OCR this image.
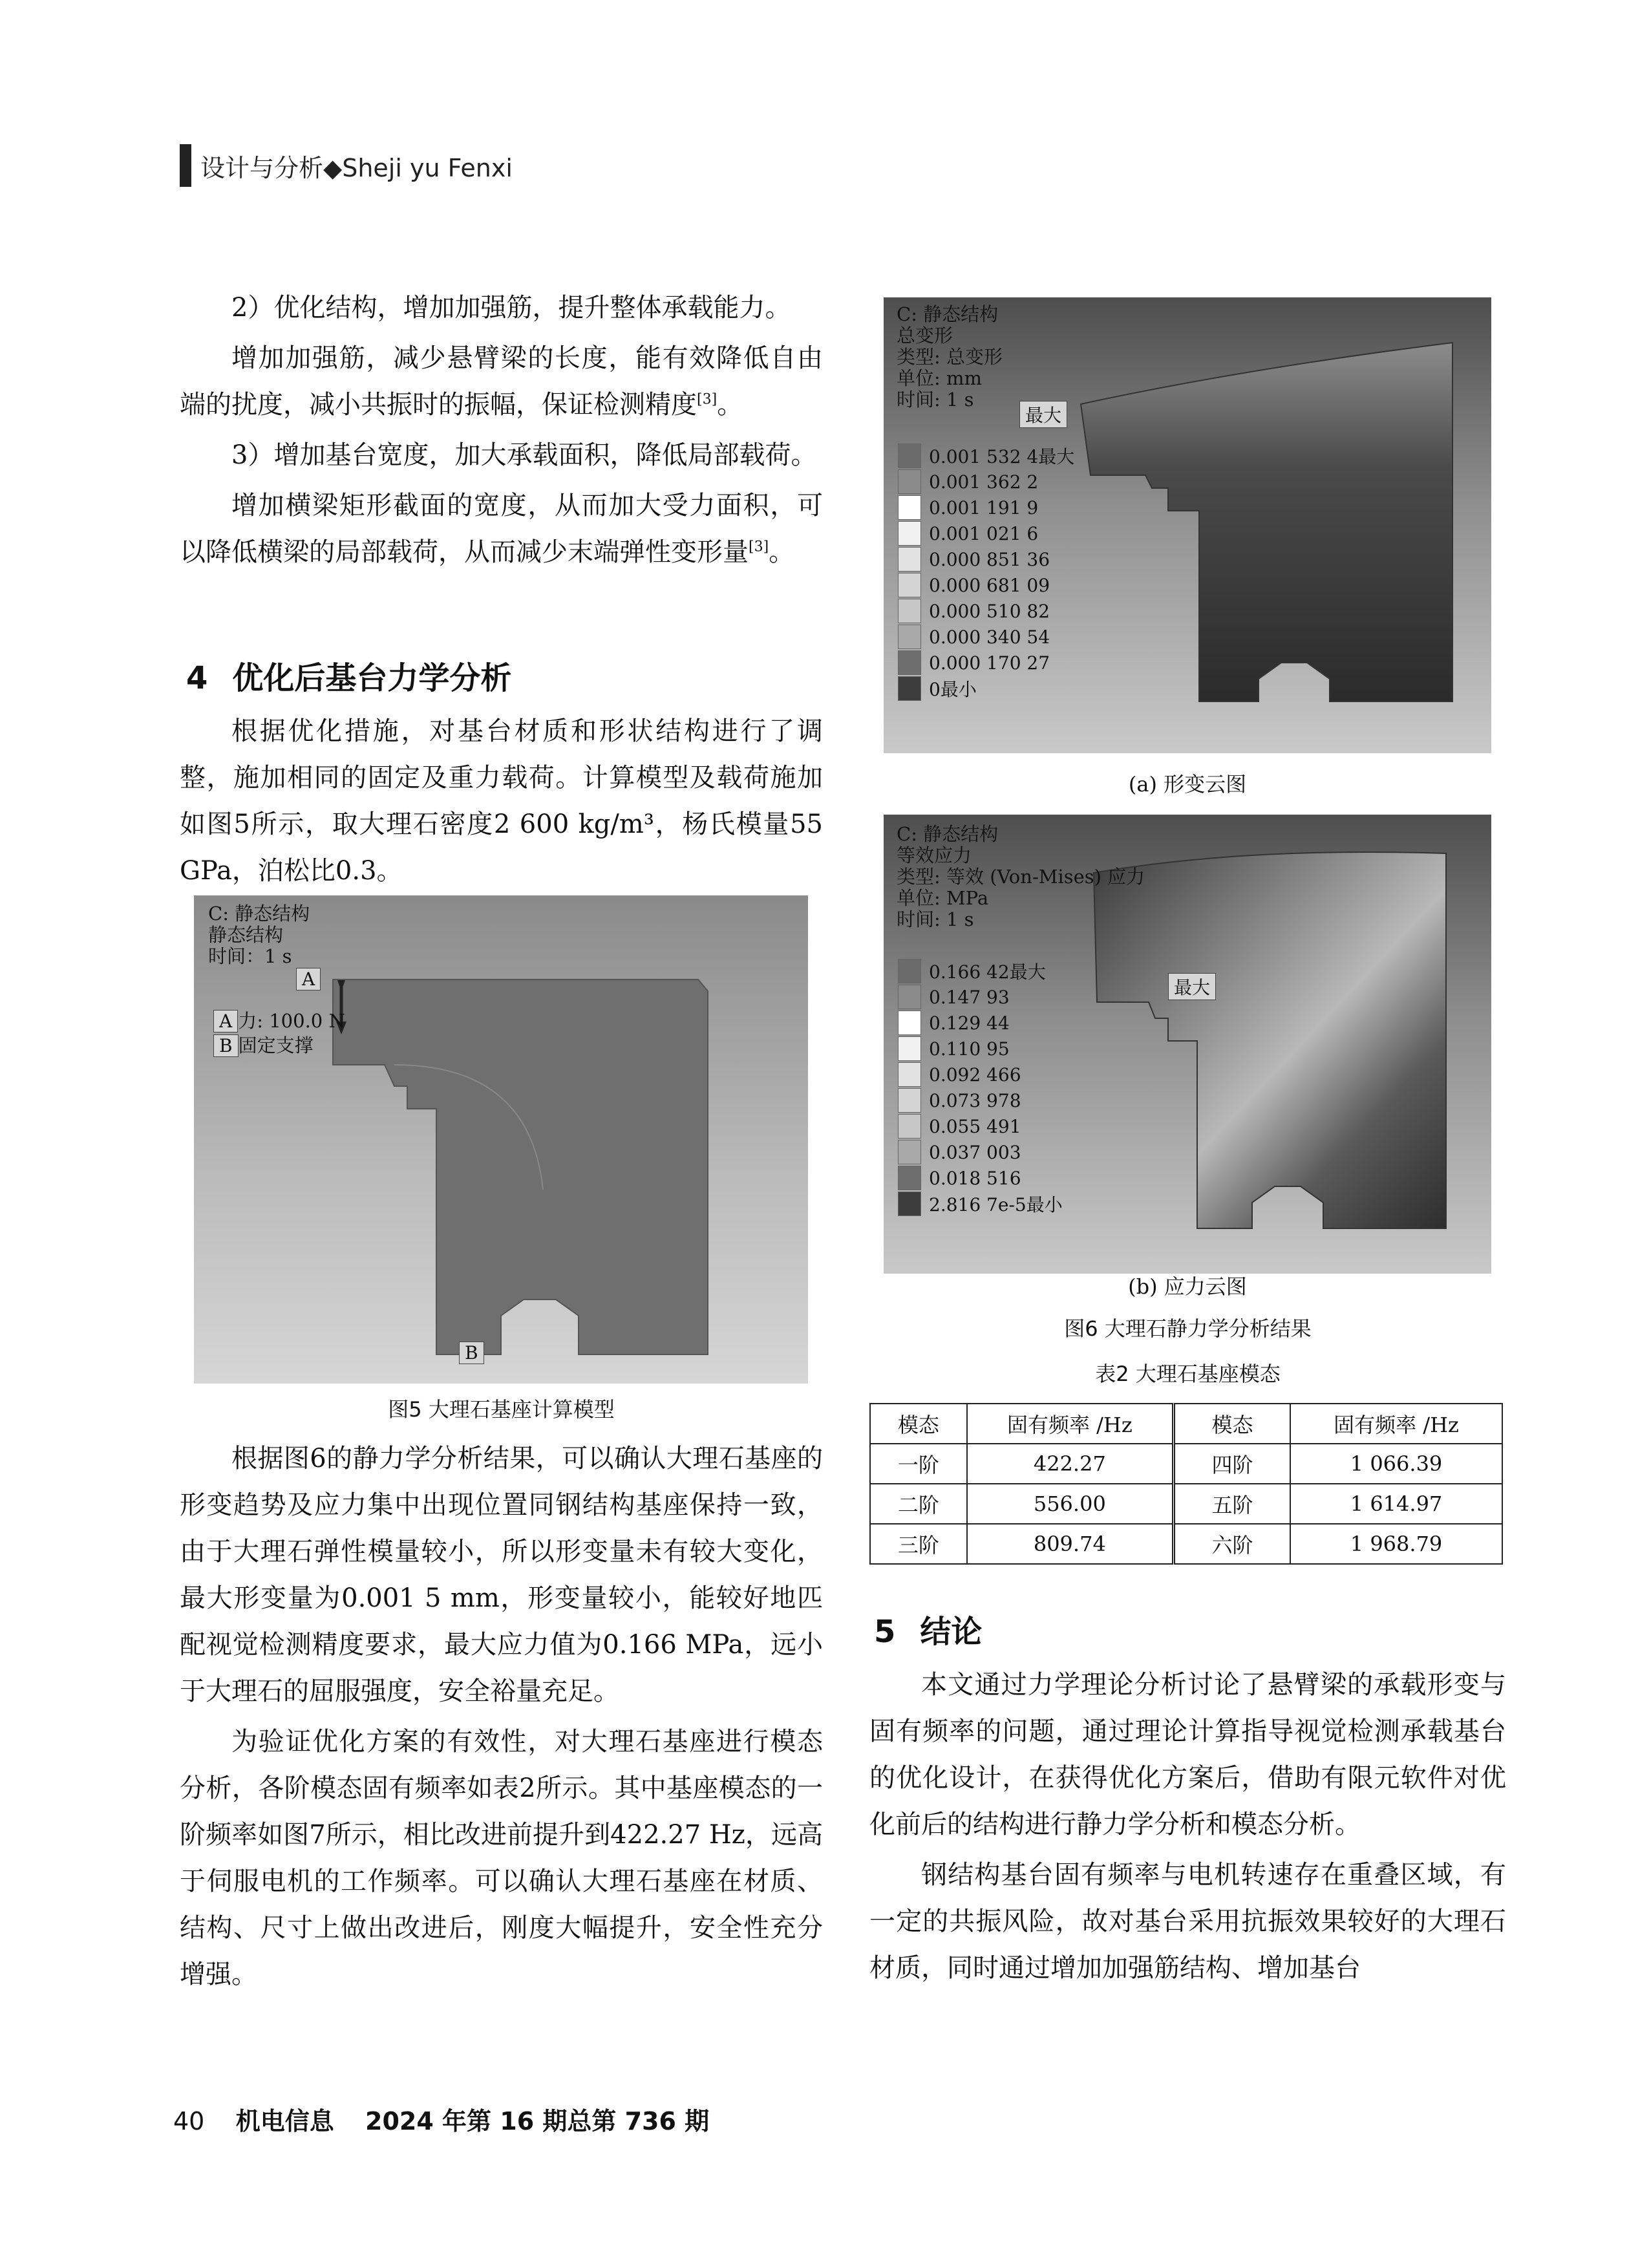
设计与分析◆Sheji yu Fenxi

2）优化结构，增加加强筋，提升整体承载能力。

增加加强筋，减少悬臂梁的长度，能有效降低自由端的扰度，减小共振时的振幅，保证检测精度[3]。

3）增加基台宽度，加大承载面积，降低局部载荷。

增加横梁矩形截面的宽度，从而加大受力面积，可以降低横梁的局部载荷，从而减少末端弹性变形量[3]。

4 优化后基台力学分析

根据优化措施，对基台材质和形状结构进行了调整，施加相同的固定及重力载荷。计算模型及载荷施加如图5所示，取大理石密度2 600 kg/m³，杨氏模量55 GPa，泊松比0.3。

C: 静态结构
静态结构
时间：1 s
A
B
A 力: 100.0 N
B 固定支撑
图5 大理石基座计算模型

根据图6的静力学分析结果，可以确认大理石基座的形变趋势及应力集中出现位置同钢结构基座保持一致，由于大理石弹性模量较小，所以形变量未有较大变化，最大形变量为0.001 5 mm，形变量较小，能较好地匹配视觉检测精度要求，最大应力值为0.166 MPa，远小于大理石的屈服强度，安全裕量充足。

为验证优化方案的有效性，对大理石基座进行模态分析，各阶模态固有频率如表2所示。其中基座模态的一阶频率如图7所示，相比改进前提升到422.27 Hz，远高于伺服电机的工作频率。可以确认大理石基座在材质、结构、尺寸上做出改进后，刚度大幅提升，安全性充分增强。

C: 静态结构
总变形
类型: 总变形
单位: mm
时间: 1 s
最大
0.001 532 4最大
0.001 362 2
0.001 191 9
0.001 021 6
0.000 851 36
0.000 681 09
0.000 510 82
0.000 340 54
0.000 170 27
0最小
(a) 形变云图
C: 静态结构
等效应力
类型: 等效 (Von-Mises) 应力
单位: MPa
时间: 1 s
最大
0.166 42最大
0.147 93
0.129 44
0.110 95
0.092 466
0.073 978
0.055 491
0.037 003
0.018 516
2.816 7e-5最小
(b) 应力云图
图6 大理石静力学分析结果
表2 大理石基座模态
模态	固有频率 /Hz	模态	固有频率 /Hz
一阶	422.27	四阶	1 066.39
二阶	556.00	五阶	1 614.97
三阶	809.74	六阶	1 968.79
5 结论

本文通过力学理论分析讨论了悬臂梁的承载形变与固有频率的问题，通过理论计算指导视觉检测承载基台的优化设计，在获得优化方案后，借助有限元软件对优化前后的结构进行静力学分析和模态分析。

钢结构基台固有频率与电机转速存在重叠区域，有一定的共振风险，故对基台采用抗振效果较好的大理石材质，同时通过增加加强筋结构、增加基台

40 机电信息 2024 年第 16 期总第 736 期
